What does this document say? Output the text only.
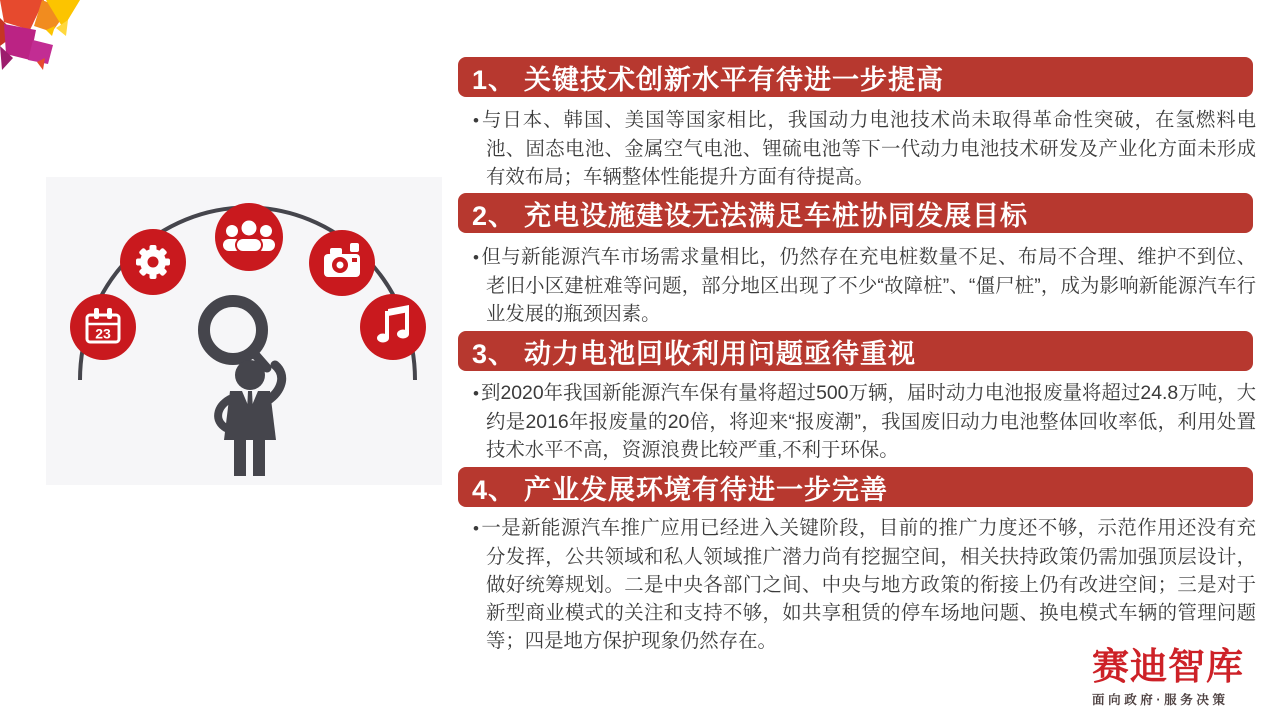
23
1、 关键技术创新水平有待进一步提高

• 与日本、韩国、美国等国家相比，我国动力电池技术尚未取得革命性突破，在氢燃料电池、固态电池、金属空气电池、锂硫电池等下一代动力电池技术研发及产业化方面未形成有效布局；车辆整体性能提升方面有待提高。

2、 充电设施建设无法满足车桩协同发展目标

• 但与新能源汽车市场需求量相比，仍然存在充电桩数量不足、布局不合理、维护不到位、老旧小区建桩难等问题，部分地区出现了不少“故障桩”、“僵尸桩”，成为影响新能源汽车行业发展的瓶颈因素。

3、 动力电池回收利用问题亟待重视

• 到2020年我国新能源汽车保有量将超过500万辆，届时动力电池报废量将超过24.8万吨，大约是2016年报废量的20倍，将迎来“报废潮”，我国废旧动力电池整体回收率低，利用处置技术水平不高，资源浪费比较严重,不利于环保。

4、 产业发展环境有待进一步完善

• 一是新能源汽车推广应用已经进入关键阶段，目前的推广力度还不够，示范作用还没有充分发挥，公共领域和私人领域推广潜力尚有挖掘空间，相关扶持政策仍需加强顶层设计，做好统筹规划。二是中央各部门之间、中央与地方政策的衔接上仍有改进空间；三是对于新型商业模式的关注和支持不够，如共享租赁的停车场地问题、换电模式车辆的管理问题等；四是地方保护现象仍然存在。

赛迪智库
面向政府·服务决策
